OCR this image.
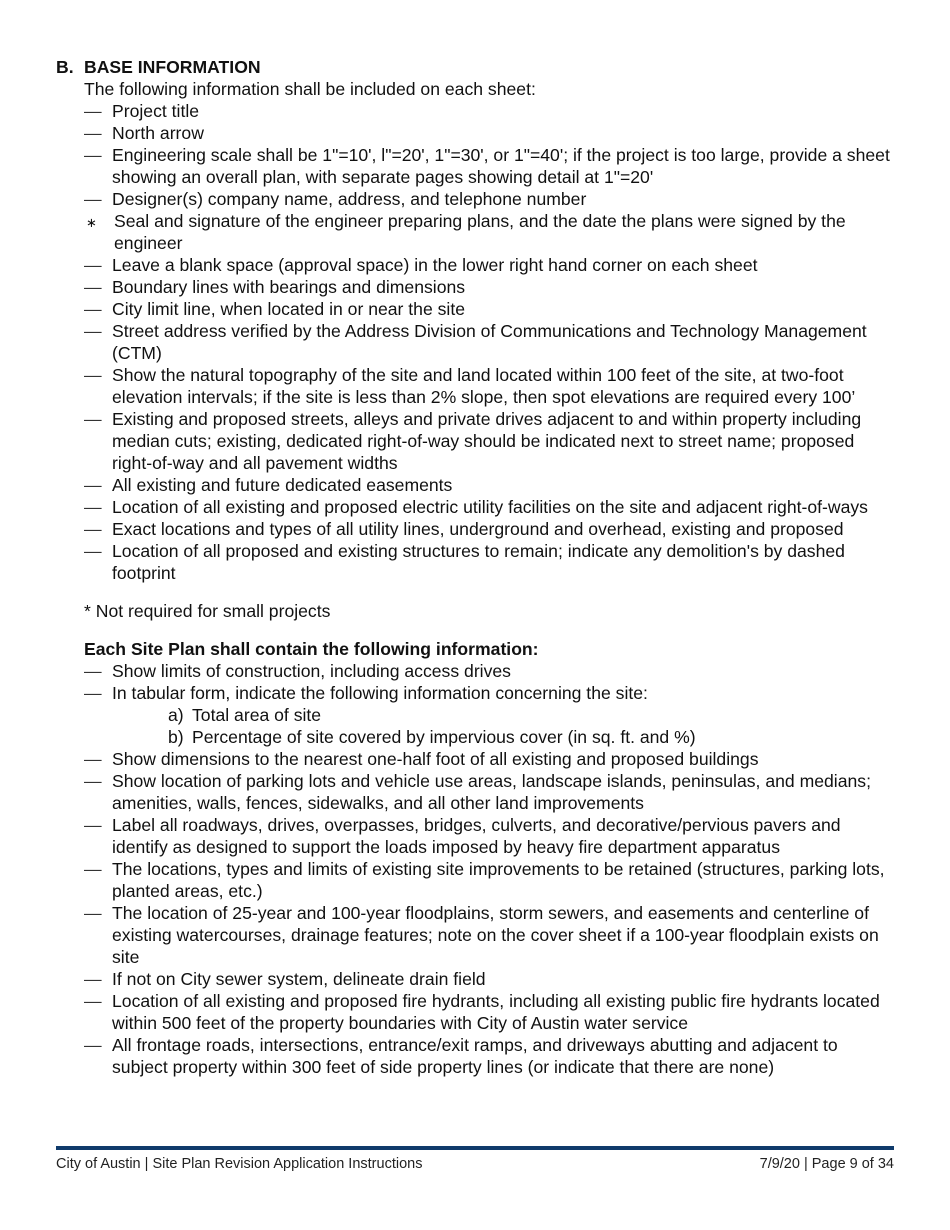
B. BASE INFORMATION
The following information shall be included on each sheet:
—
Project title
—
North arrow
—
Engineering scale shall be 1"=10', l"=20', 1"=30', or 1"=40'; if the project is too large, provide a sheet showing an overall plan, with separate pages showing detail at 1"=20'
—
Designer(s) company name, address, and telephone number
∗ Seal and signature of the engineer preparing plans, and the date the plans were signed by the engineer
—
Leave a blank space (approval space) in the lower right hand corner on each sheet
—
Boundary lines with bearings and dimensions
—
City limit line, when located in or near the site
—
Street address verified by the Address Division of Communications and Technology Management (CTM)
—
Show the natural topography of the site and land located within 100 feet of the site, at two-foot elevation intervals; if the site is less than 2% slope, then spot elevations are required every 100’
—
Existing and proposed streets, alleys and private drives adjacent to and within property including median cuts; existing, dedicated right-of-way should be indicated next to street name; proposed right-of-way and all pavement widths
—
All existing and future dedicated easements
—
Location of all existing and proposed electric utility facilities on the site and adjacent right-of-ways
—
Exact locations and types of all utility lines, underground and overhead, existing and proposed
—
Location of all proposed and existing structures to remain; indicate any demolition's by dashed footprint
* Not required for small projects
Each Site Plan shall contain the following information:
—
Show limits of construction, including access drives
—
In tabular form, indicate the following information concerning the site:
a) Total area of site
b) Percentage of site covered by impervious cover (in sq. ft. and %)
—
Show dimensions to the nearest one-half foot of all existing and proposed buildings
—
Show location of parking lots and vehicle use areas, landscape islands, peninsulas, and medians; amenities, walls, fences, sidewalks, and all other land improvements
—
Label all roadways, drives, overpasses, bridges, culverts, and decorative/pervious pavers and identify as designed to support the loads imposed by heavy fire department apparatus
—
The locations, types and limits of existing site improvements to be retained (structures, parking lots, planted areas, etc.)
—
The location of 25-year and 100-year floodplains, storm sewers, and easements and centerline of existing watercourses, drainage features; note on the cover sheet if a 100-year floodplain exists on site
—
If not on City sewer system, delineate drain field
—
Location of all existing and proposed fire hydrants, including all existing public fire hydrants located within 500 feet of the property boundaries with City of Austin water service
—
All frontage roads, intersections, entrance/exit ramps, and driveways abutting and adjacent to subject property within 300 feet of side property lines (or indicate that there are none)
City of Austin | Site Plan Revision Application Instructions	7/9/20 | Page 9 of 34
